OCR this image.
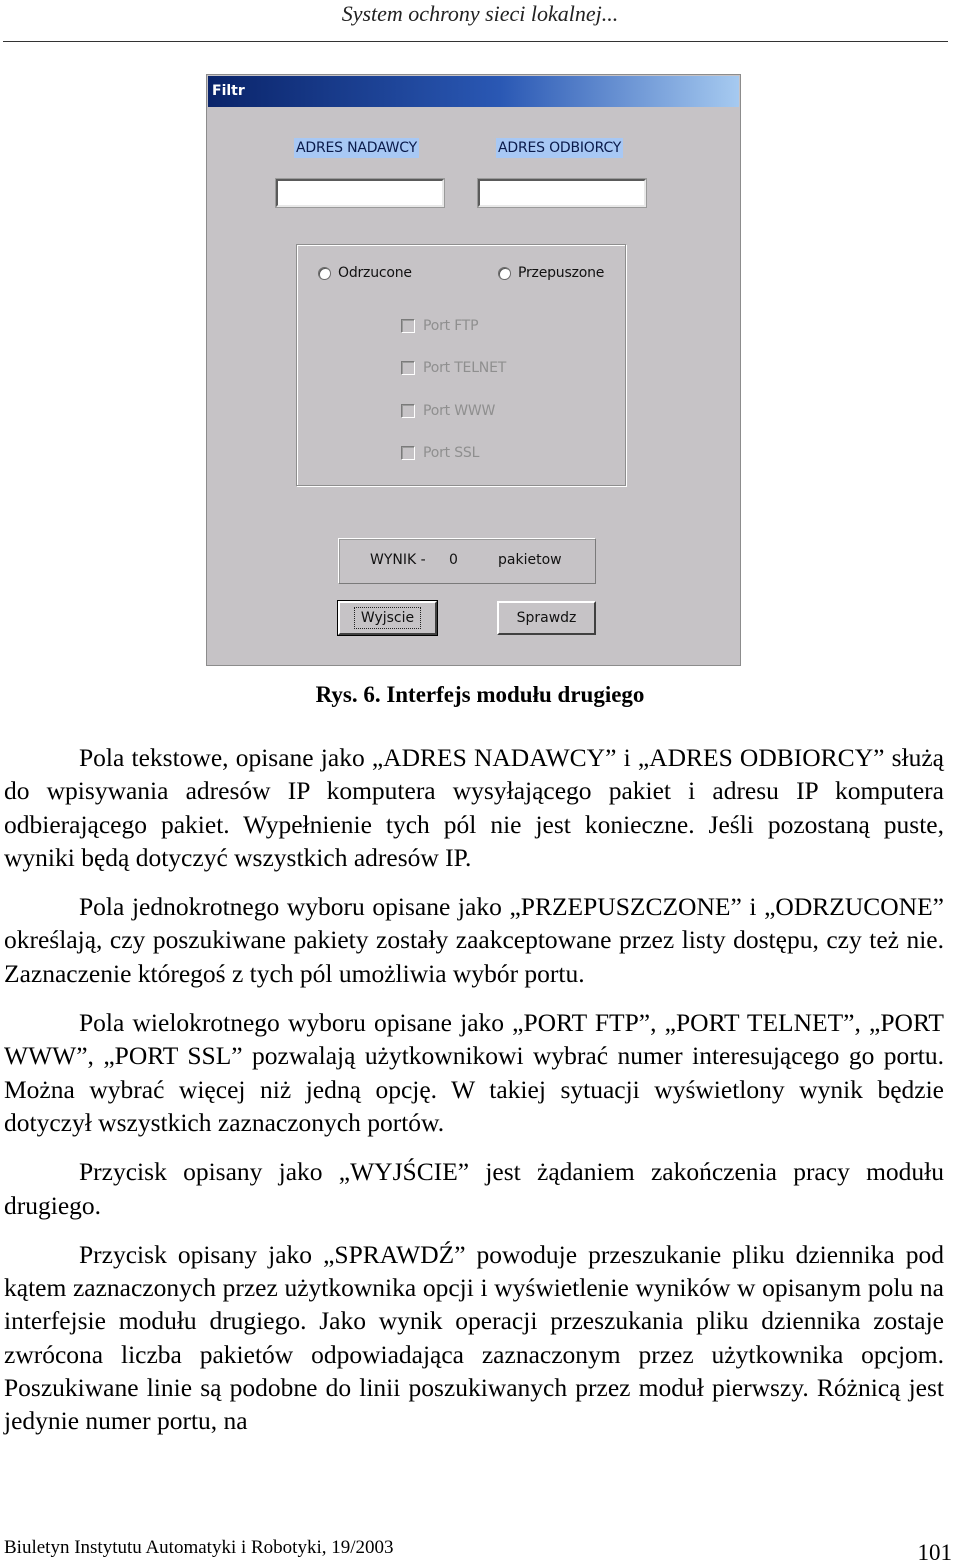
System ochrony sieci lokalnej...
Filtr
ADRES NADAWCY	ADRES ODBIORCY
Odrzucone	Przepuszone
Port FTP
Port TELNET
Port WWW
Port SSL
WYNIK - 0	pakietow
Wyjscie	Sprawdz
Rys. 6. Interfejs modułu drugiego

Pola tekstowe, opisane jako „ADRES NADAWCY” i „ADRES ODBIORCY” służą do wpisywania adresów IP komputera wysyłającego pakiet i adresu IP komputera odbierającego pakiet. Wypełnienie tych pól nie jest konieczne. Jeśli pozostaną puste, wyniki będą dotyczyć wszystkich adresów IP.

Pola jednokrotnego wyboru opisane jako „PRZEPUSZCZONE” i „ODRZUCONE” określają, czy poszukiwane pakiety zostały zaakceptowane przez listy dostępu, czy też nie. Zaznaczenie któregoś z tych pól umożliwia wybór portu.

Pola wielokrotnego wyboru opisane jako „PORT FTP”, „PORT TELNET”, „PORT WWW”, „PORT SSL” pozwalają użytkownikowi wybrać numer interesującego go portu. Można wybrać więcej niż jedną opcję. W takiej sytuacji wyświetlony wynik będzie dotyczył wszystkich zaznaczonych portów.

Przycisk opisany jako „WYJŚCIE” jest żądaniem zakończenia pracy modułu drugiego.

Przycisk opisany jako „SPRAWDŹ” powoduje przeszukanie pliku dziennika pod kątem zaznaczonych przez użytkownika opcji i wyświetlenie wyników w opisanym polu na interfejsie modułu drugiego. Jako wynik operacji przeszukania pliku dziennika zostaje zwrócona liczba pakietów odpowiadająca zaznaczonym przez użytkownika opcjom. Poszukiwane linie są podobne do linii poszukiwanych przez moduł pierwszy. Różnicą jest jedynie numer portu, na

Biuletyn Instytutu Automatyki i Robotyki, 19/2003	101
